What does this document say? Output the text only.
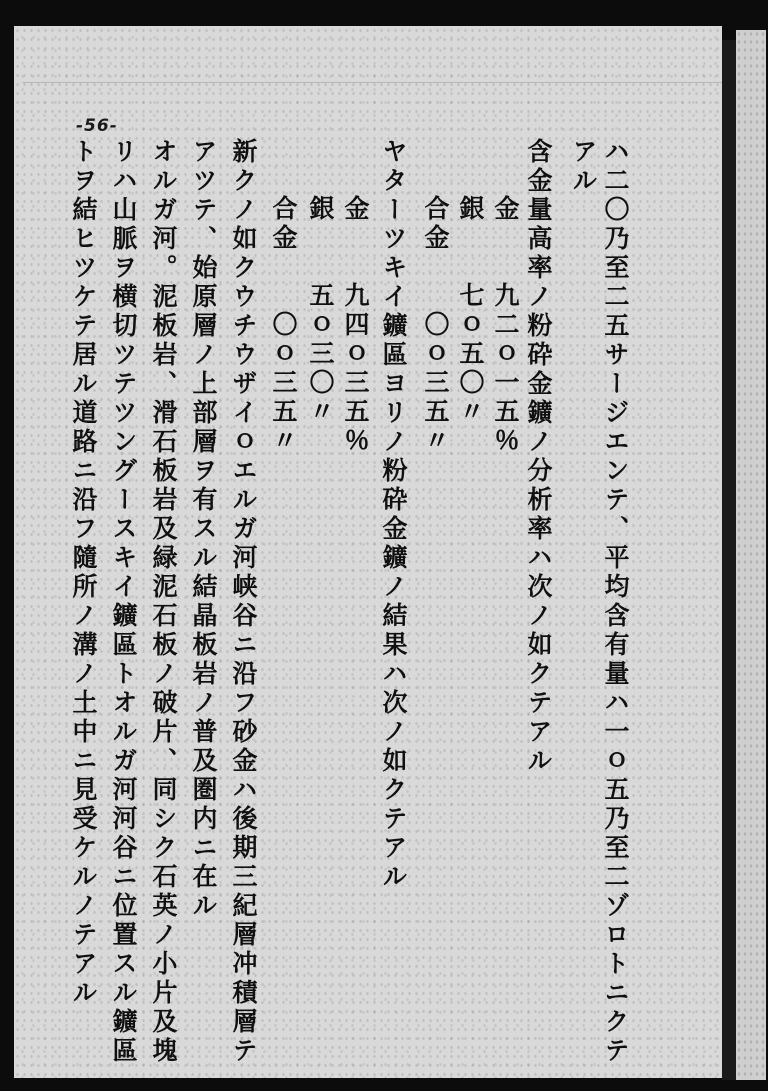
-56-
ハ二〇乃至二五サージエンテ、平均含有量ハ一ｏ五乃至二ゾロトニクテ
アル
含金量高率ノ粉砕金鑛ノ分析率ハ次ノ如クテアル
金　　九二ｏ一五％
銀　　七ｏ五〇〃
合金　　〇ｏ三五〃
ヤターツキイ鑛區ヨリノ粉砕金鑛ノ結果ハ次ノ如クテアル
金　　九四ｏ三五％
銀　　五ｏ三〇〃
合金　　〇ｏ三五〃
新クノ如クウチウザイｏエルガ河峡谷ニ沿フ砂金ハ後期三紀層冲積層テ
アツテ、始原層ノ上部層ヲ有スル結晶板岩ノ普及圏内ニ在ル
オルガ河。泥板岩、滑石板岩及緑泥石板ノ破片、同シク石英ノ小片及塊
リハ山脈ヲ横切ツテツングースキイ鑛區トオルガ河河谷ニ位置スル鑛區
トヲ結ヒツケテ居ル道路ニ沿フ隨所ノ溝ノ土中ニ見受ケルノテアル
